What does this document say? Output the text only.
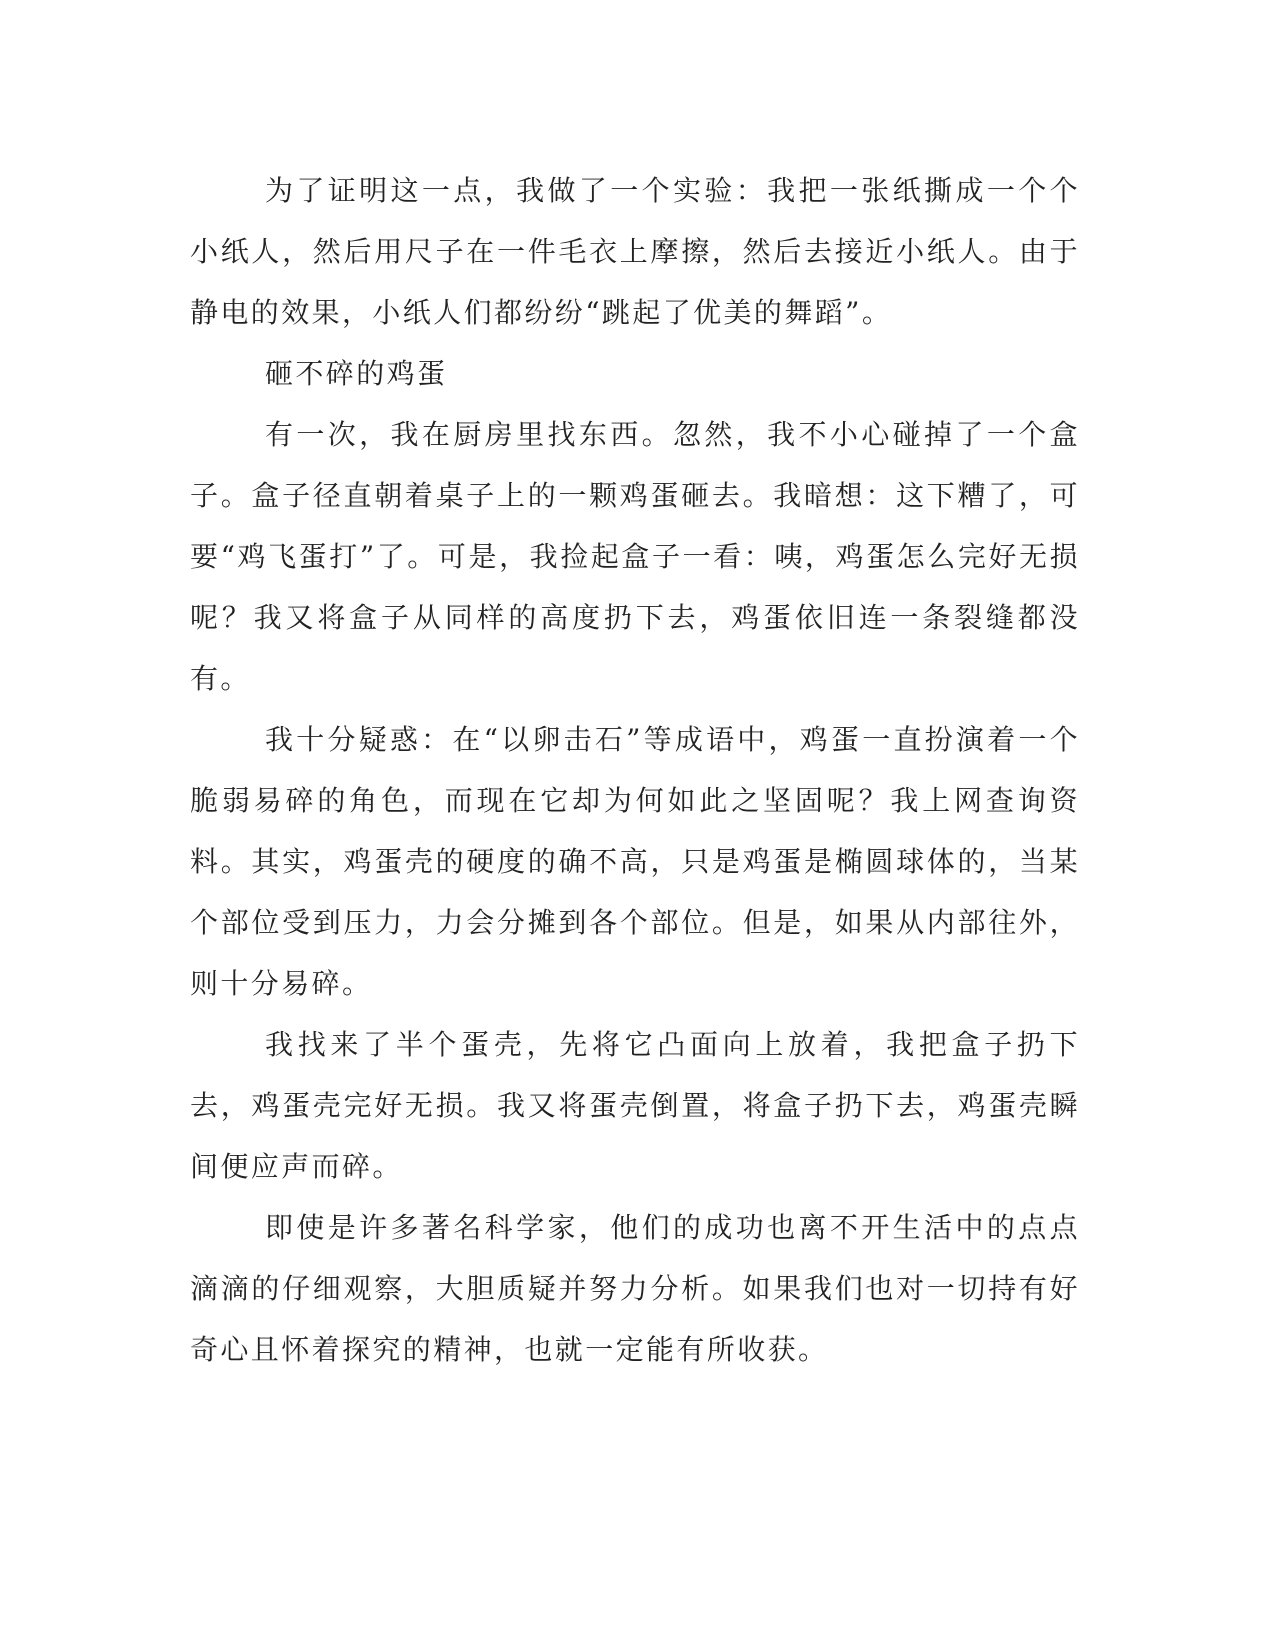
为了证明这一点，我做了一个实验：我把一张纸撕成一个个小纸人，然后用尺子在一件毛衣上摩擦，然后去接近小纸人。由于静电的效果，小纸人们都纷纷“跳起了优美的舞蹈”。

砸不碎的鸡蛋

有一次，我在厨房里找东西。忽然，我不小心碰掉了一个盒子。盒子径直朝着桌子上的一颗鸡蛋砸去。我暗想：这下糟了，可要“鸡飞蛋打”了。可是，我捡起盒子一看：咦，鸡蛋怎么完好无损呢？我又将盒子从同样的高度扔下去，鸡蛋依旧连一条裂缝都没有。

我十分疑惑：在“以卵击石”等成语中，鸡蛋一直扮演着一个脆弱易碎的角色，而现在它却为何如此之坚固呢？我上网查询资料。其实，鸡蛋壳的硬度的确不高，只是鸡蛋是椭圆球体的，当某个部位受到压力，力会分摊到各个部位。但是，如果从内部往外，则十分易碎。

我找来了半个蛋壳，先将它凸面向上放着，我把盒子扔下去，鸡蛋壳完好无损。我又将蛋壳倒置，将盒子扔下去，鸡蛋壳瞬间便应声而碎。

即使是许多著名科学家，他们的成功也离不开生活中的点点滴滴的仔细观察，大胆质疑并努力分析。如果我们也对一切持有好奇心且怀着探究的精神，也就一定能有所收获。
